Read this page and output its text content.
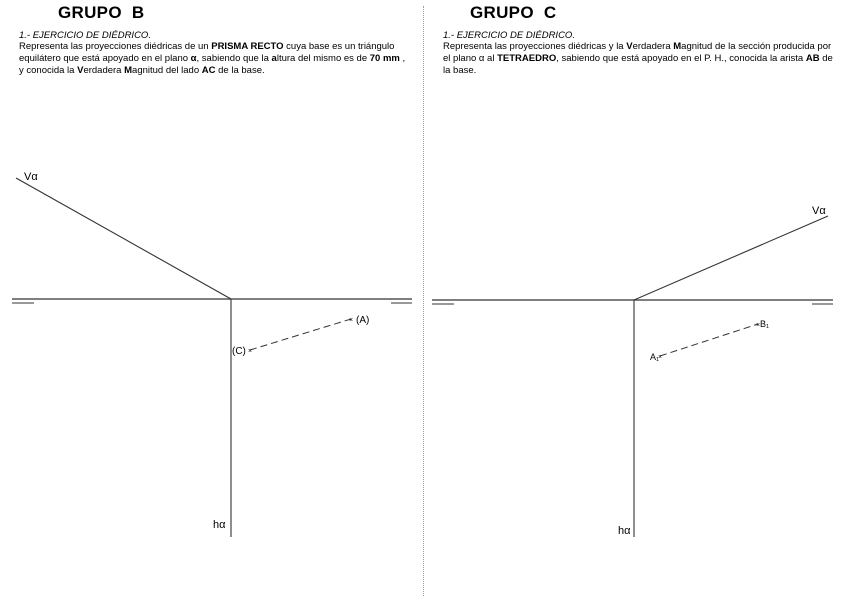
GRUPO  B
1.- EJERCICIO DE DIÉDRICO.
Representa las proyecciones diédricas de un PRISMA RECTO cuya base es un triángulo equilátero que está apoyado en el plano α, sabiendo que la altura del mismo es de 70 mm , y conocida la Verdadera Magnitud del lado AC de la base.
×
×
Vα
hα
(A)
(C)
GRUPO  C
1.- EJERCICIO DE DIÉDRICO.
Representa las proyecciones diédricas y la Verdadera Magnitud de la sección producida por el plano α al TETRAEDRO, sabiendo que está apoyado en el P. H., conocida la arista AB de la base.
×
×
Vα
hα
A₁
B₁
